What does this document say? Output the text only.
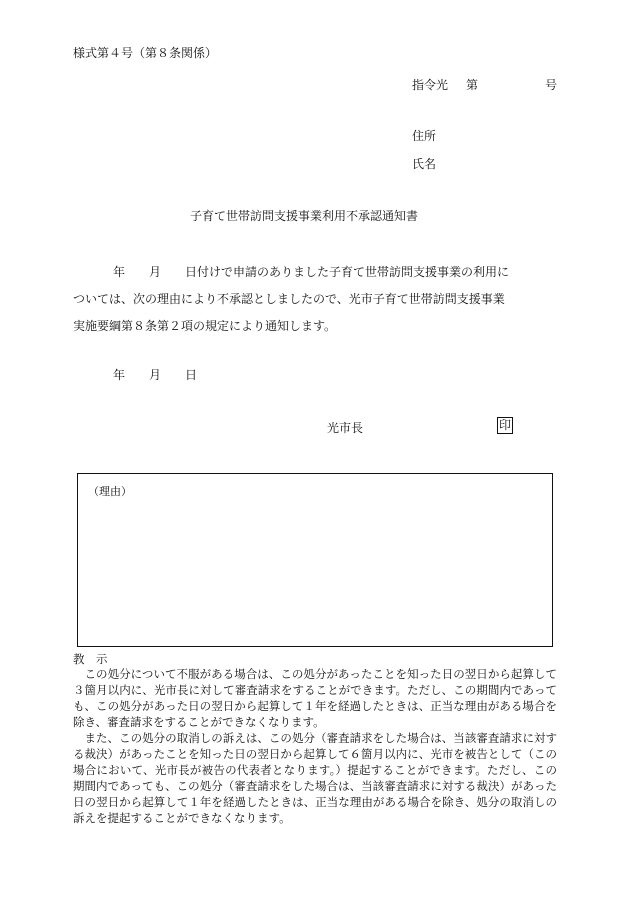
様式第４号（第８条関係）
指令光 第	号
住所
氏名
子育て世帯訪問支援事業利用不承認通知書
年　　月　　日付けで申請のありました子育て世帯訪問支援事業の利用に
ついては、次の理由により不承認としましたので、光市子育て世帯訪問支援事業
実施要綱第８条第２項の規定により通知します。
年　　月　　日
光市長	印
（理由）
教　示

この処分について不服がある場合は、この処分があったことを知った日の翌日から起算して３箇月以内に、光市長に対して審査請求をすることができます。ただし、この期間内であっても、この処分があった日の翌日から起算して１年を経過したときは、正当な理由がある場合を除き、審査請求をすることができなくなります。

また、この処分の取消しの訴えは、この処分（審査請求をした場合は、当該審査請求に対する裁決）があったことを知った日の翌日から起算して６箇月以内に、光市を被告として（この場合において、光市長が被告の代表者となります。）提起することができます。ただし、この期間内であっても、この処分（審査請求をした場合は、当該審査請求に対する裁決）があった日の翌日から起算して１年を経過したときは、正当な理由がある場合を除き、処分の取消しの訴えを提起することができなくなります。
